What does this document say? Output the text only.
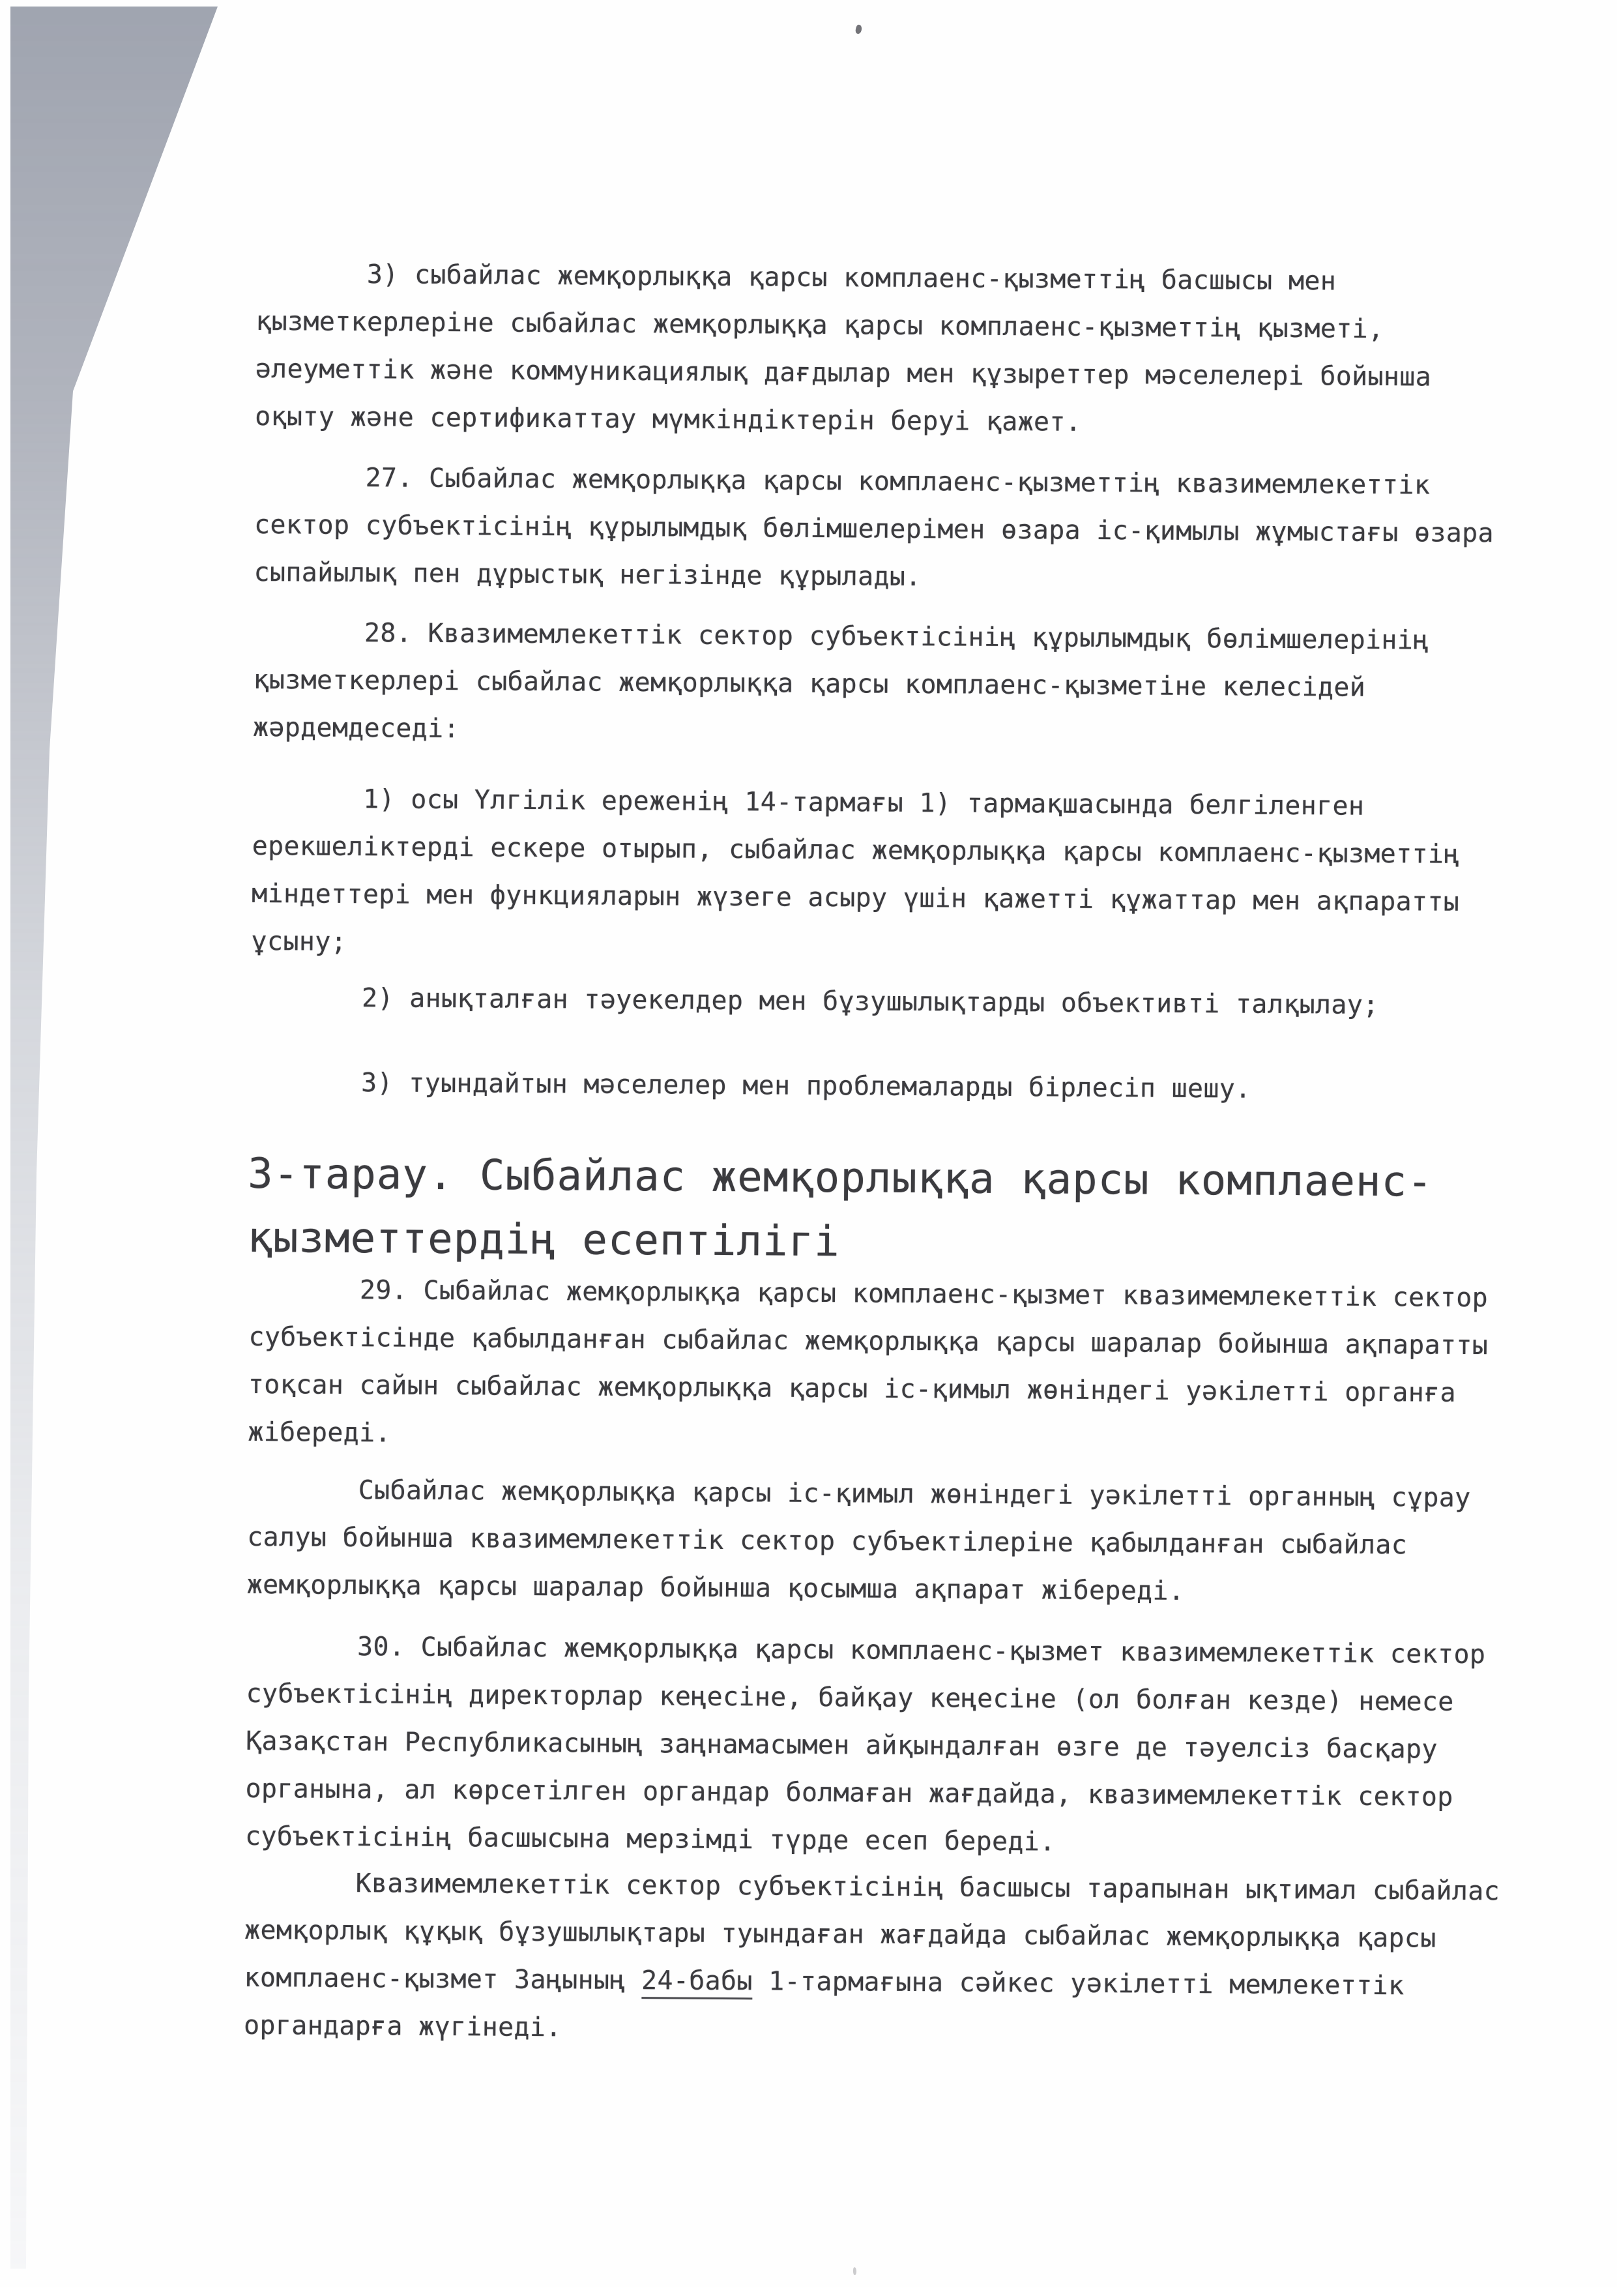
3) сыбайлас жемқорлыққа қарсы комплаенс-қызметтің басшысы мен
қызметкерлеріне сыбайлас жемқорлыққа қарсы комплаенс-қызметтің қызметі,
әлеуметтік және коммуникациялық дағдылар мен құзыреттер мәселелері бойынша
оқыту және сертификаттау мүмкіндіктерін беруі қажет.

27. Сыбайлас жемқорлыққа қарсы комплаенс-қызметтің квазимемлекеттік
сектор субъектісінің құрылымдық бөлімшелерімен өзара іс-қимылы жұмыстағы өзара
сыпайылық пен дұрыстық негізінде құрылады.

28. Квазимемлекеттік сектор субъектісінің құрылымдық бөлімшелерінің
қызметкерлері сыбайлас жемқорлыққа қарсы комплаенс-қызметіне келесідей
жәрдемдеседі:

1) осы Үлгілік ереженің 14-тармағы 1) тармақшасында белгіленген
ерекшеліктерді ескере отырып, сыбайлас жемқорлыққа қарсы комплаенс-қызметтің
міндеттері мен функцияларын жүзеге асыру үшін қажетті құжаттар мен ақпаратты
ұсыну;

2) анықталған тәуекелдер мен бұзушылықтарды объективті талқылау;

3) туындайтын мәселелер мен проблемаларды бірлесіп шешу.

3-тарау. Сыбайлас жемқорлыққа қарсы комплаенс-
қызметтердің есептілігі

29. Сыбайлас жемқорлыққа қарсы комплаенс-қызмет квазимемлекеттік сектор
субъектісінде қабылданған сыбайлас жемқорлыққа қарсы шаралар бойынша ақпаратты
тоқсан сайын сыбайлас жемқорлыққа қарсы іс-қимыл жөніндегі уәкілетті органға
жібереді.

Сыбайлас жемқорлыққа қарсы іс-қимыл жөніндегі уәкілетті органның сұрау
салуы бойынша квазимемлекеттік сектор субъектілеріне қабылданған сыбайлас
жемқорлыққа қарсы шаралар бойынша қосымша ақпарат жібереді.

30. Сыбайлас жемқорлыққа қарсы комплаенс-қызмет квазимемлекеттік сектор
субъектісінің директорлар кеңесіне, байқау кеңесіне (ол болған кезде) немесе
Қазақстан Республикасының заңнамасымен айқындалған өзге де тәуелсіз басқару
органына, ал көрсетілген органдар болмаған жағдайда, квазимемлекеттік сектор
субъектісінің басшысына мерзімді түрде есеп береді.

Квазимемлекеттік сектор субъектісінің басшысы тарапынан ықтимал сыбайлас
жемқорлық құқық бұзушылықтары туындаған жағдайда сыбайлас жемқорлыққа қарсы
комплаенс-қызмет Заңының 24-бабы 1-тармағына сәйкес уәкілетті мемлекеттік
органдарға жүгінеді.
